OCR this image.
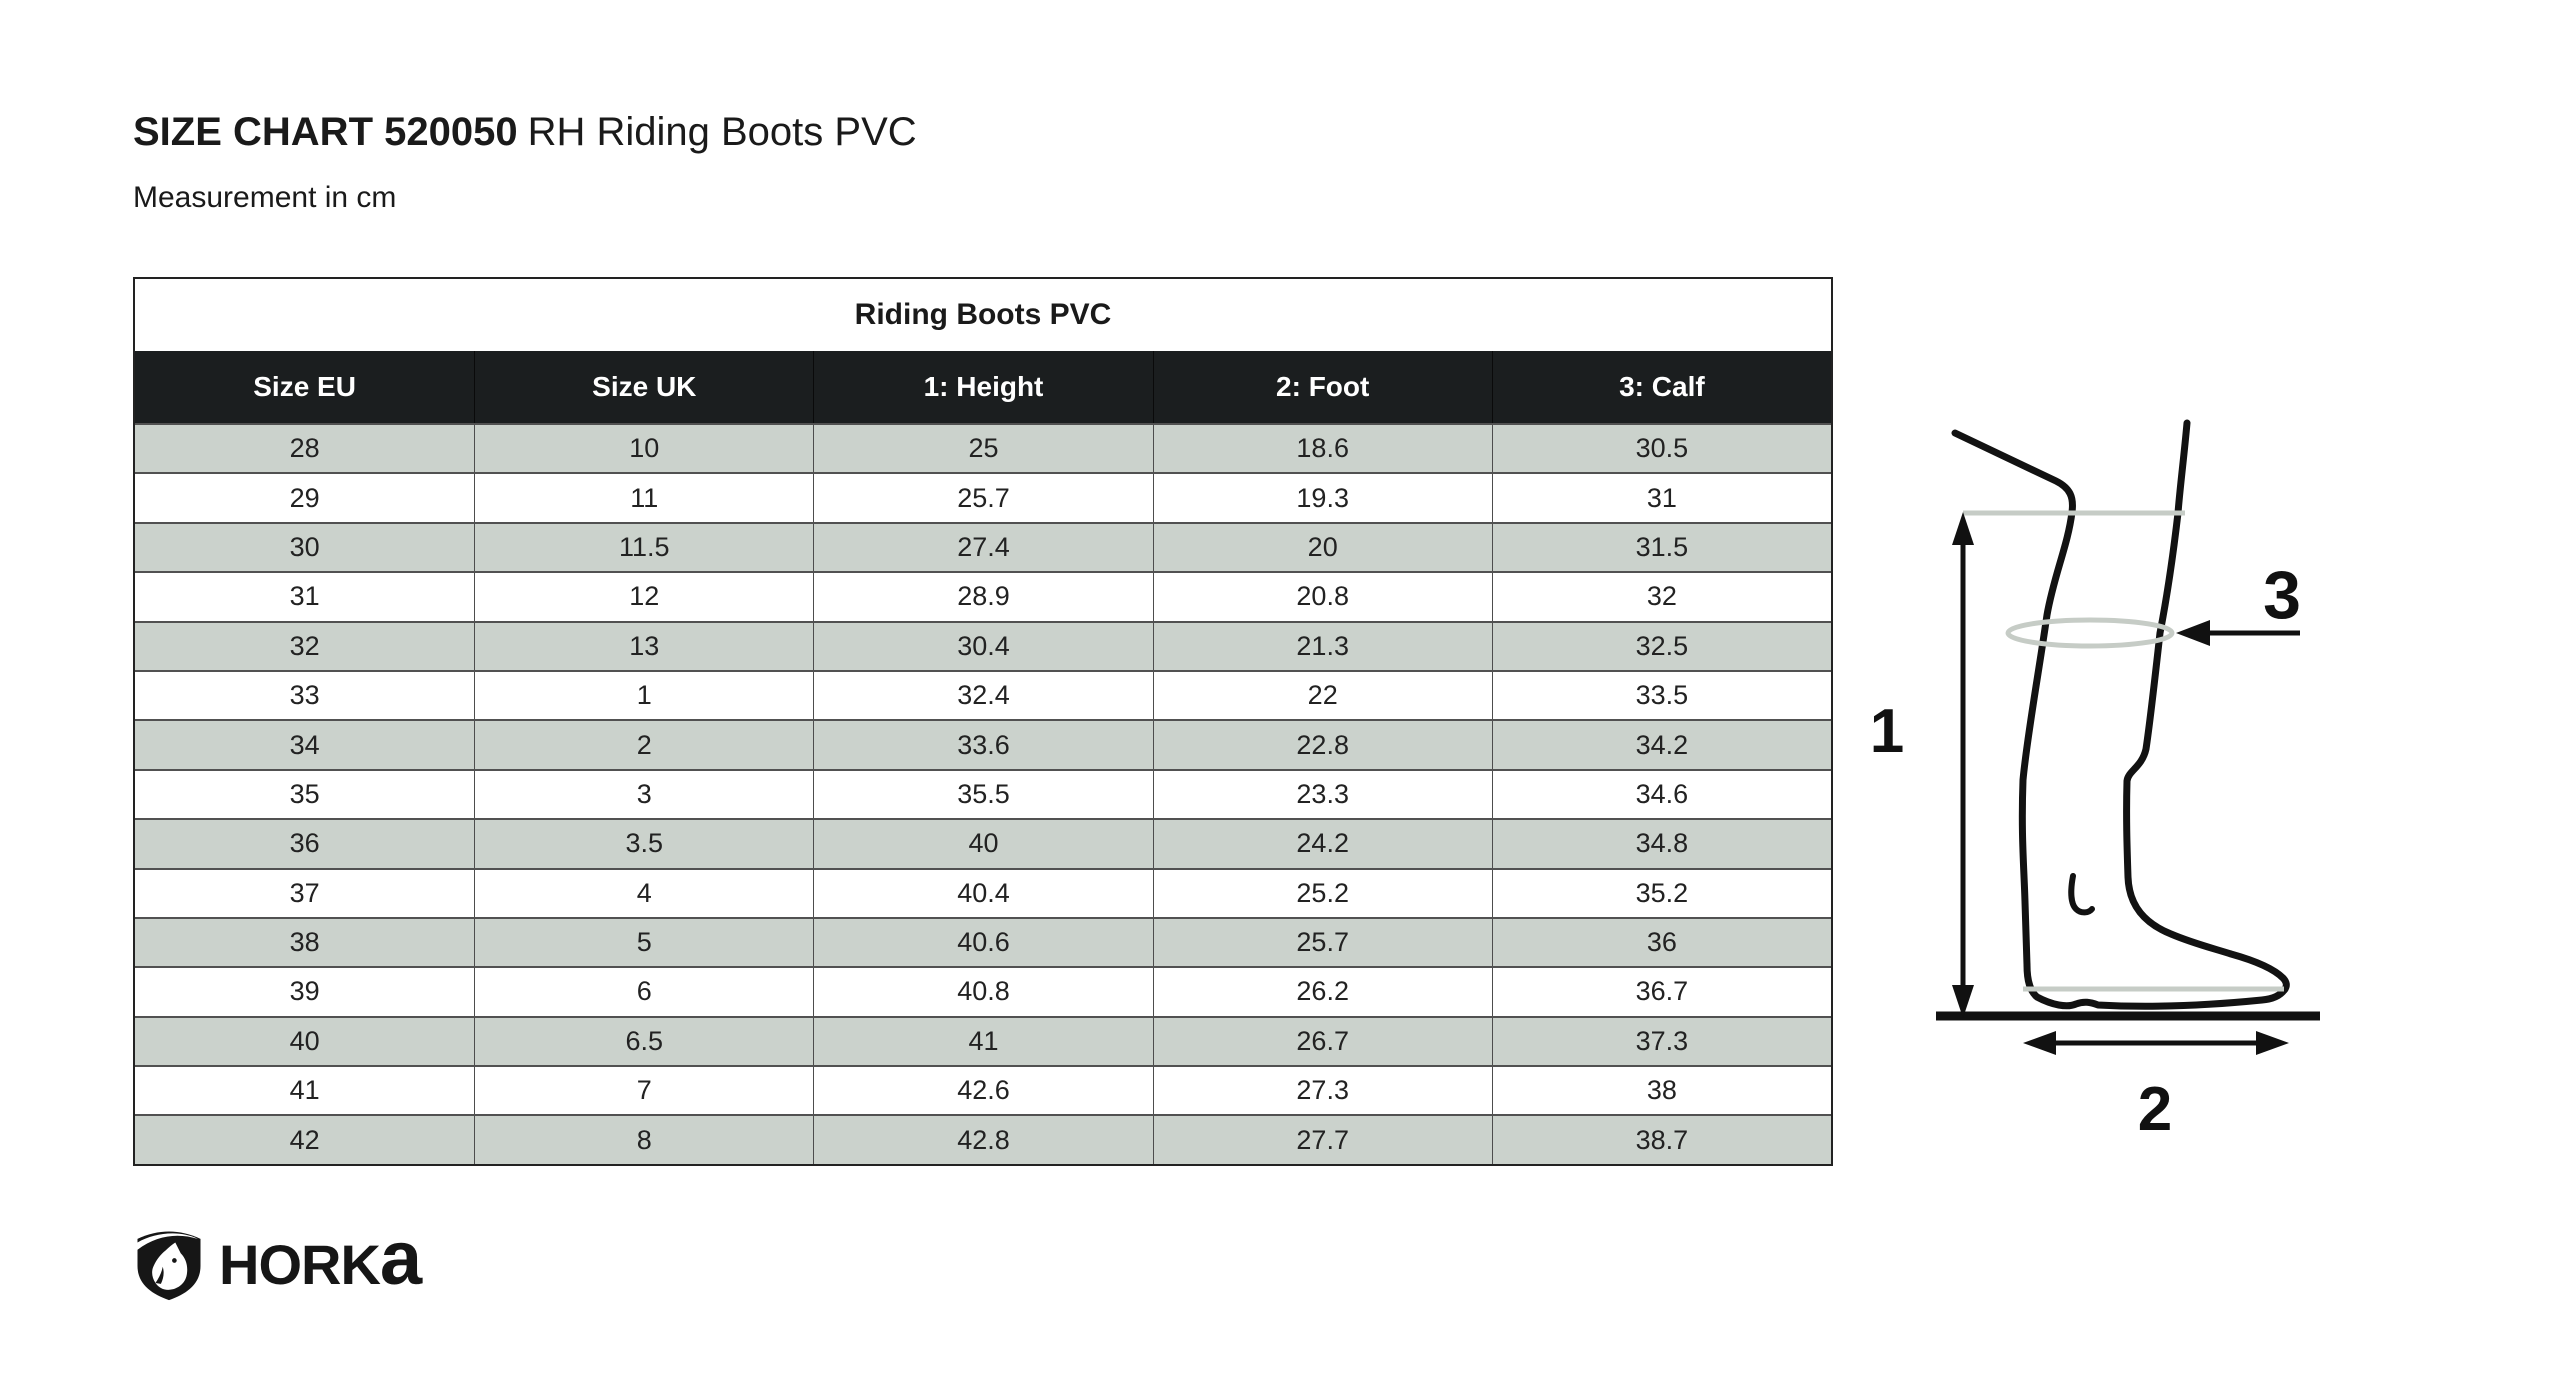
SIZE CHART 520050 RH Riding Boots PVC
Measurement in cm
Riding Boots PVC
Size EU	Size UK	1: Height	2: Foot	3: Calf
28	10	25	18.6	30.5
29	11	25.7	19.3	31
30	11.5	27.4	20	31.5
31	12	28.9	20.8	32
32	13	30.4	21.3	32.5
33	1	32.4	22	33.5
34	2	33.6	22.8	34.2
35	3	35.5	23.3	34.6
36	3.5	40	24.2	34.8
37	4	40.4	25.2	35.2
38	5	40.6	25.7	36
39	6	40.8	26.2	36.7
40	6.5	41	26.7	37.3
41	7	42.6	27.3	38
42	8	42.8	27.7	38.7
1
3
2
HORKa
